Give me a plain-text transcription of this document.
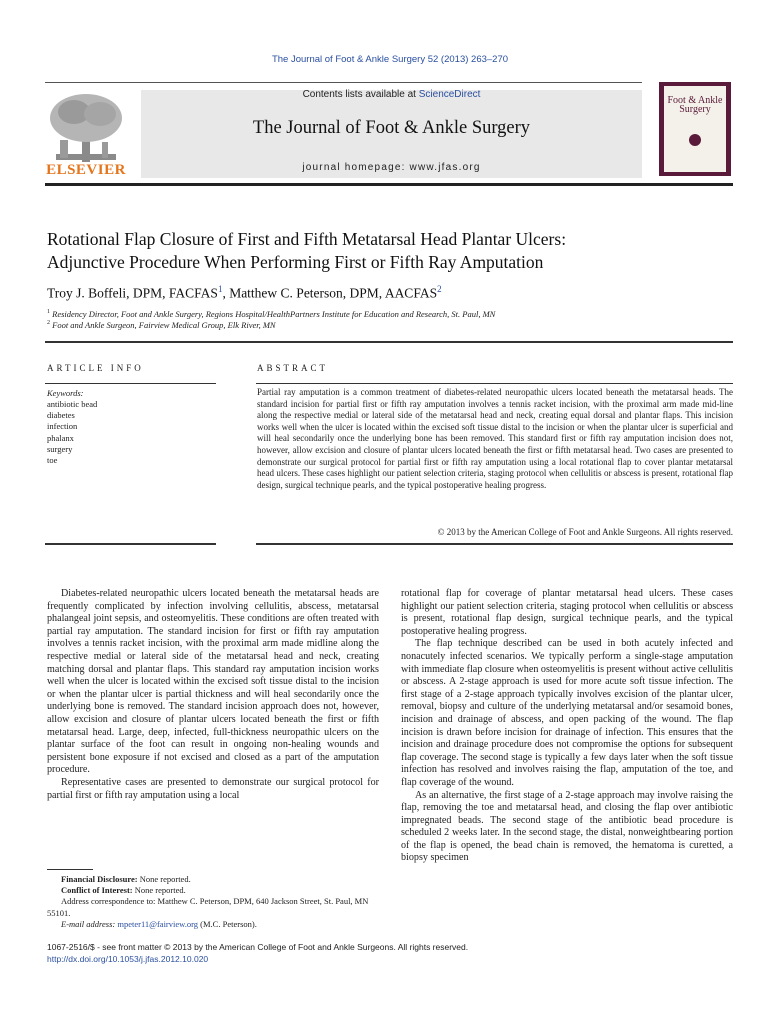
The Journal of Foot & Ankle Surgery 52 (2013) 263–270
ELSEVIER
Contents lists available at ScienceDirect
The Journal of Foot & Ankle Surgery
journal homepage: www.jfas.org
Foot & Ankle Surgery
Rotational Flap Closure of First and Fifth Metatarsal Head Plantar Ulcers:
Adjunctive Procedure When Performing First or Fifth Ray Amputation
Troy J. Boffeli, DPM, FACFAS$^1$, Matthew C. Peterson, DPM, AACFAS$^2$
$^1$ Residency Director, Foot and Ankle Surgery, Regions Hospital/HealthPartners Institute for Education and Research, St. Paul, MN
$^2$ Foot and Ankle Surgeon, Fairview Medical Group, Elk River, MN
ARTICLE INFO	ABSTRACT
Keywords:
antibiotic bead
diabetes
infection
phalanx
surgery
toe

Partial ray amputation is a common treatment of diabetes-related neuropathic ulcers located beneath the metatarsal heads. The standard incision for partial first or fifth ray amputation involves a tennis racket incision, with the proximal arm made mid-line along the respective medial or lateral side of the metatarsal head and neck, creating equal dorsal and plantar flaps. This incision works well when the ulcer is located within the excised soft tissue distal to the incision or when the plantar ulcer is superficial and will heal secondarily once the underlying bone has been removed. This standard first or fifth ray amputation incision does not, however, allow excision and closure of plantar ulcers located beneath the first or fifth metatarsal head. Two cases are presented to demonstrate our surgical protocol for partial first or fifth ray amputation using a local rotational flap to cover plantar metatarsal head ulcers. These cases highlight our patient selection criteria, staging protocol when cellulitis or abscess is present, rotational flap design, surgical technique pearls, and the typical postoperative healing progress.

© 2013 by the American College of Foot and Ankle Surgeons. All rights reserved.

Diabetes-related neuropathic ulcers located beneath the metatarsal heads are frequently complicated by infection involving cellulitis, abscess, metatarsal phalangeal joint sepsis, and osteomyelitis. These conditions are often treated with partial ray amputation. The standard incision for first or fifth ray amputation involves a tennis racket incision, with the proximal arm made midline along the respective medial or lateral side of the metatarsal head and neck, creating matching dorsal and plantar flaps. This standard ray amputation incision works well when the ulcer is located within the excised soft tissue distal to the incision or when the plantar ulcer is partial thickness and will heal secondarily once the underlying bone is removed. The standard incision approach does not, however, allow excision and closure of plantar ulcers located beneath the first or fifth metatarsal head. Large, deep, infected, full-thickness neuropathic ulcers on the plantar surface of the foot can result in ongoing non-healing wounds and persistent bone exposure if not excised and closed as a part of the amputation procedure.

Representative cases are presented to demonstrate our surgical protocol for partial first or fifth ray amputation using a local

rotational flap for coverage of plantar metatarsal head ulcers. These cases highlight our patient selection criteria, staging protocol when cellulitis or abscess is present, rotational flap design, surgical technique pearls, and the typical postoperative healing progress.

The flap technique described can be used in both acutely infected and nonacutely infected scenarios. We typically perform a single-stage amputation with immediate flap closure when osteomyelitis is present without active cellulitis or abscess. A 2-stage approach is used for more acute soft tissue infection. The first stage of a 2-stage approach typically involves excision of the plantar ulcer, removal, biopsy and culture of the underlying metatarsal and/or sesamoid bones, incision and drainage of abscess, and open packing of the wound. The flap incision is drawn before incision for drainage of infection. This ensures that the incision and drainage procedure does not compromise the options for subsequent flap coverage. The second stage is typically a few days later when the soft tissue infection has resolved and involves raising the flap, amputation of the toe, and flap coverage of the wound.

As an alternative, the first stage of a 2-stage approach may involve raising the flap, removing the toe and metatarsal head, and closing the flap over antibiotic impregnated beads. The second stage of the antibiotic bead procedure is scheduled 2 weeks later. In the second stage, the distal, nonweightbearing portion of the flap is opened, the bead chain is removed, the hematoma is curetted, a biopsy specimen

Financial Disclosure: None reported.
Conflict of Interest: None reported.
Address correspondence to: Matthew C. Peterson, DPM, 640 Jackson Street, St. Paul, MN 55101.
E-mail address: mpeter11@fairview.org (M.C. Peterson).
1067-2516/$ - see front matter © 2013 by the American College of Foot and Ankle Surgeons. All rights reserved.
http://dx.doi.org/10.1053/j.jfas.2012.10.020
